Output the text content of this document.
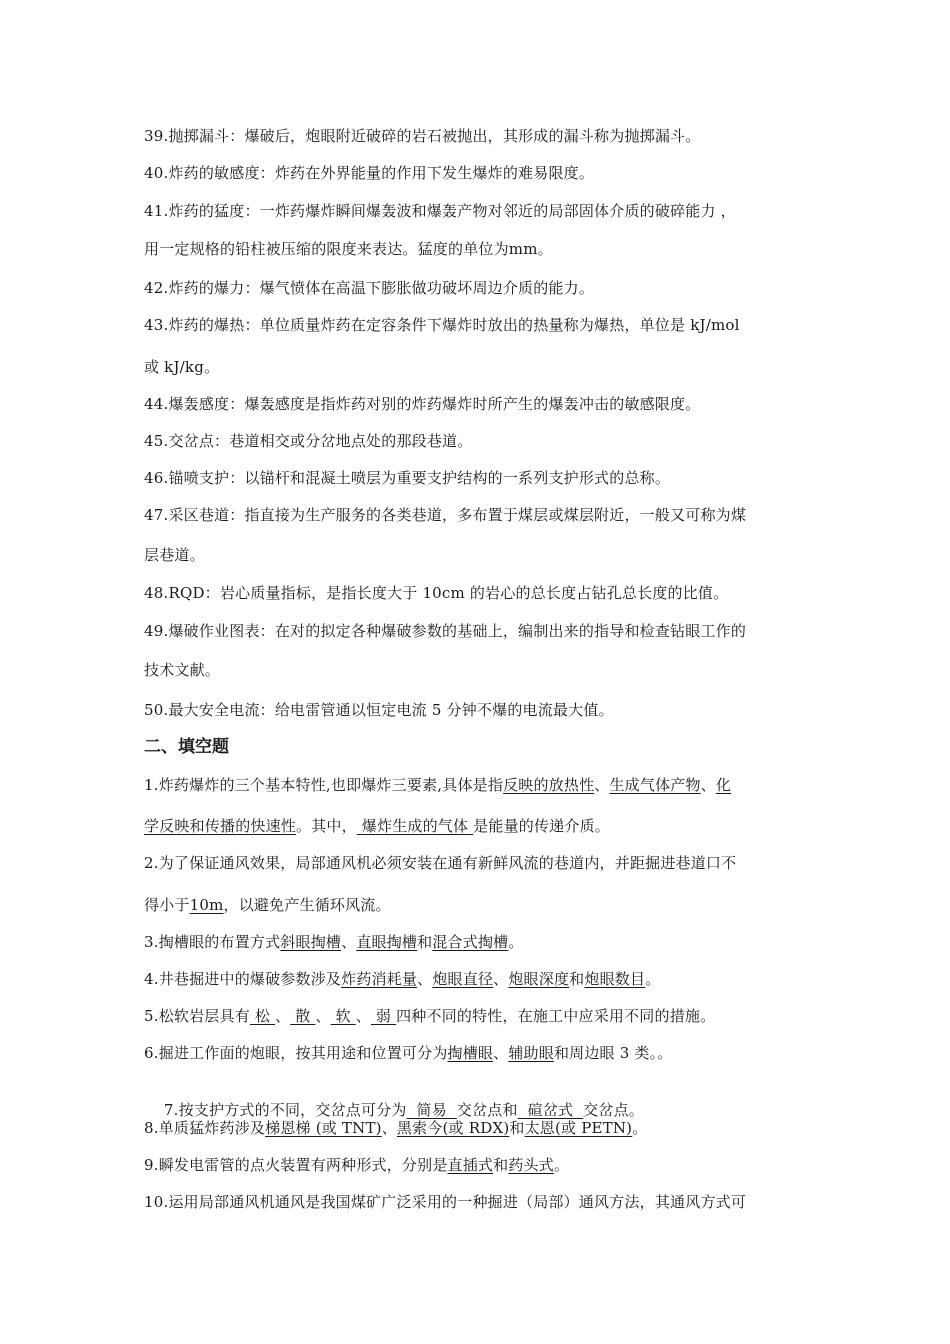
39.抛掷漏斗：爆破后，炮眼附近破碎的岩石被抛出，其形成的漏斗称为抛掷漏斗。
40.炸药的敏感度：炸药在外界能量的作用下发生爆炸的难易限度。
41.炸药的猛度：一炸药爆炸瞬间爆轰波和爆轰产物对邻近的局部固体介质的破碎能力 ，
用一定规格的铅柱被压缩的限度来表达。猛度的单位为mm。
42.炸药的爆力：爆气愤体在高温下膨胀做功破坏周边介质的能力。
43.炸药的爆热：单位质量炸药在定容条件下爆炸时放出的热量称为爆热，单位是 kJ/mol
或 kJ/kg。
44.爆轰感度：爆轰感度是指炸药对别的炸药爆炸时所产生的爆轰冲击的敏感限度。
45.交岔点：巷道相交或分岔地点处的那段巷道。
46.锚喷支护：以锚杆和混凝土喷层为重要支护结构的一系列支护形式的总称。
47.采区巷道：指直接为生产服务的各类巷道，多布置于煤层或煤层附近，一般又可称为煤
层巷道。
48.RQD：岩心质量指标，是指长度大于 10cm 的岩心的总长度占钻孔总长度的比值。
49.爆破作业图表：在对的拟定各种爆破参数的基础上，编制出来的指导和检查钻眼工作的
技术文献。
50.最大安全电流：给电雷管通以恒定电流 5 分钟不爆的电流最大值。
二、填空题
1.炸药爆炸的三个基本特性,也即爆炸三要素,具体是指反映的放热性、生成气体产物、化
学反映和传播的快速性。其中， 爆炸生成的气体 是能量的传递介质。
2.为了保证通风效果，局部通风机必须安装在通有新鲜风流的巷道内，并距掘进巷道口不
得小于10m，以避免产生循环风流。
3.掏槽眼的布置方式斜眼掏槽、直眼掏槽和混合式掏槽。
4.井巷掘进中的爆破参数涉及炸药消耗量、炮眼直径、炮眼深度和炮眼数目。
5.松软岩层具有 松 、 散 、 软 、 弱 四种不同的特性，在施工中应采用不同的措施。
6.掘进工作面的炮眼，按其用途和位置可分为掏槽眼、辅助眼和周边眼 3 类。。

7.按支护方式的不同，交岔点可分为  简易  交岔点和  碹岔式  交岔点。

8.单质猛炸药涉及梯恩梯 (或 TNT)、黑索今(或 RDX)和太恩(或 PETN)。
9.瞬发电雷管的点火装置有两种形式，分别是直插式和药头式。
10.运用局部通风机通风是我国煤矿广泛采用的一种掘进（局部）通风方法，其通风方式可
